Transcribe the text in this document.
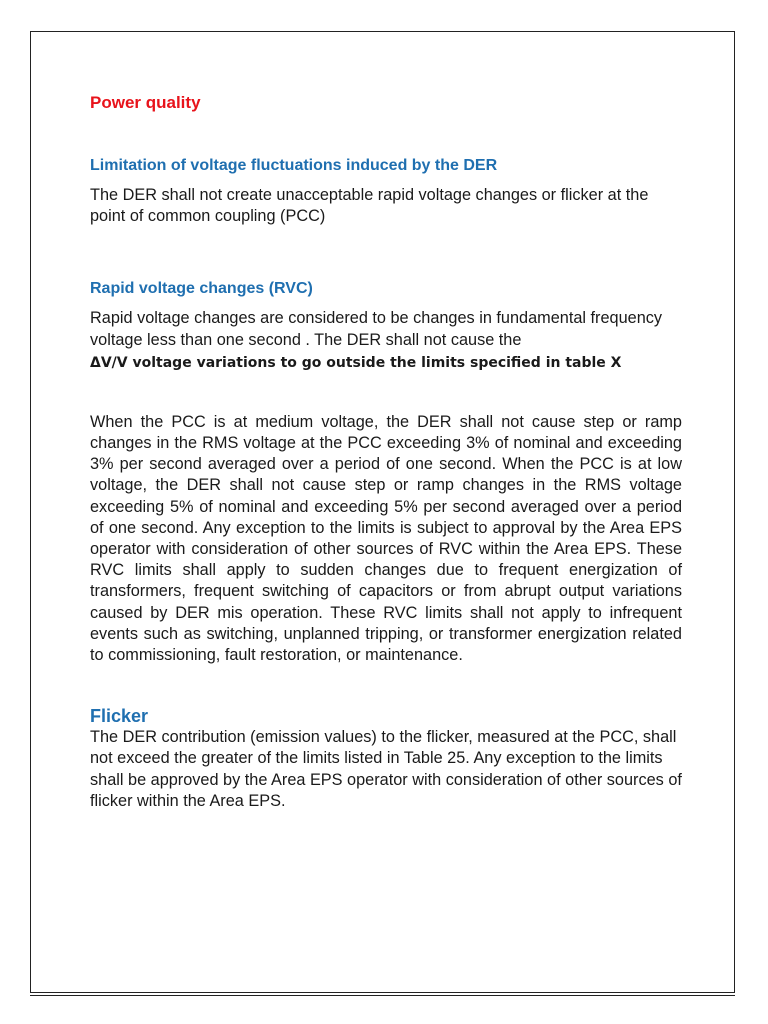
Power quality
Limitation of voltage fluctuations induced by the DER

The DER shall not create unacceptable rapid voltage changes or flicker at the point of common coupling (PCC)

Rapid voltage changes (RVC)

Rapid voltage changes are considered to be changes in fundamental frequency voltage less than one second . The DER shall not cause the

ΔV/V voltage variations to go outside the limits specified in table X

When the PCC is at medium voltage, the DER shall not cause step or ramp changes in the RMS voltage at the PCC exceeding 3% of nominal and exceeding 3% per second averaged over a period of one second. When the PCC is at low voltage, the DER shall not cause step or ramp changes in the RMS voltage exceeding 5% of nominal and exceeding 5% per second averaged over a period of one second. Any exception to the limits is subject to approval by the Area EPS operator with consideration of other sources of RVC within the Area EPS. These RVC limits shall apply to sudden changes due to frequent energization of transformers, frequent switching of capacitors or from abrupt output variations caused by DER mis operation. These RVC limits shall not apply to infrequent events such as switching, unplanned tripping, or transformer energization related to commissioning, fault restoration, or maintenance.

Flicker

The DER contribution (emission values) to the flicker, measured at the PCC, shall not exceed the greater of the limits listed in Table 25. Any exception to the limits shall be approved by the Area EPS operator with consideration of other sources of flicker within the Area EPS.
